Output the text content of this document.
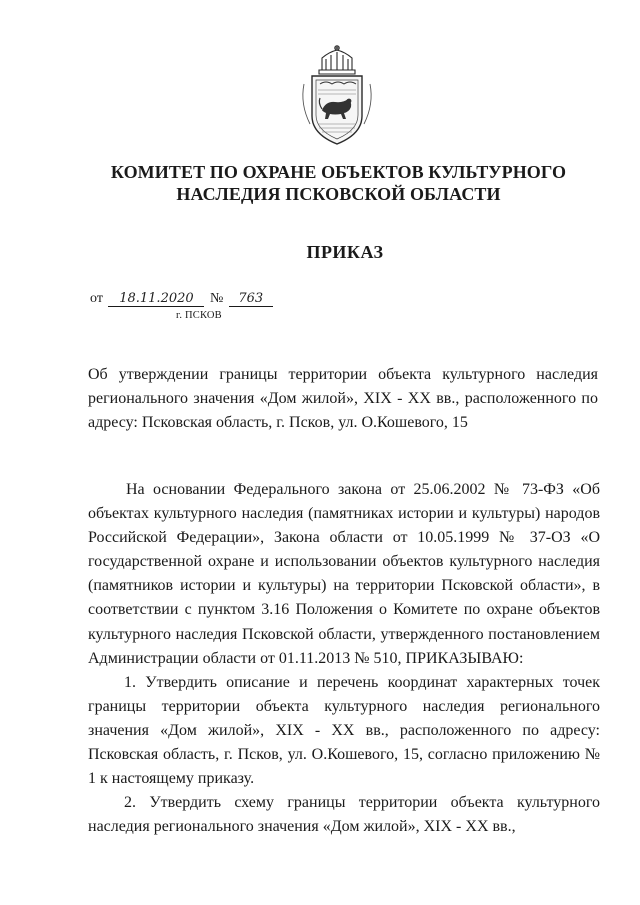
КОМИТЕТ ПО ОХРАНЕ ОБЪЕКТОВ КУЛЬТУРНОГО
НАСЛЕДИЯ ПСКОВСКОЙ ОБЛАСТИ
ПРИКАЗ
от 18.11.2020 № 763
г. ПСКОВ
Об утверждении границы территории объекта культурного наследия регионального значения «Дом жилой», XIX - XX вв., расположенного по адресу: Псковская область, г. Псков, ул. О.Кошевого, 15

На основании Федерального закона от 25.06.2002 № 73-ФЗ «Об объектах культурного наследия (памятниках истории и культуры) народов Российской Федерации», Закона области от 10.05.1999 № 37-ОЗ «О государственной охране и использовании объектов культурного наследия (памятников истории и культуры) на территории Псковской области», в соответствии с пунктом 3.16 Положения о Комитете по охране объектов культурного наследия Псковской области, утвержденного постановлением Администрации области от 01.11.2013 № 510, ПРИКАЗЫВАЮ:

1. Утвердить описание и перечень координат характерных точек границы территории объекта культурного наследия регионального значения «Дом жилой», XIX - XX вв., расположенного по адресу: Псковская область, г. Псков, ул. О.Кошевого, 15, согласно приложению № 1 к настоящему приказу.

2. Утвердить схему границы территории объекта культурного наследия регионального значения «Дом жилой», XIX - XX вв.,
